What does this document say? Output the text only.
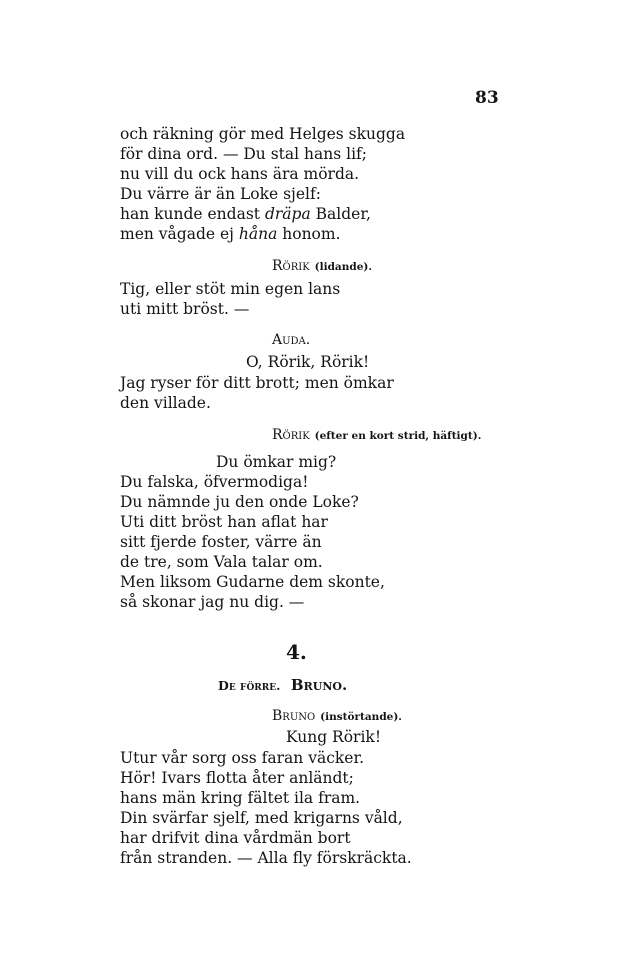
83
och räkning gör med Helges skugga
för dina ord. — Du stal hans lif;
nu vill du ock hans ära mörda.
Du värre är än Loke sjelf:
han kunde endast dräpa Balder,
men vågade ej håna honom.
Rörik (lidande).
Tig, eller stöt min egen lans
uti mitt bröst. —
Auda.
O, Rörik, Rörik!
Jag ryser för ditt brott; men ömkar
den villade.
Rörik (efter en kort strid, häftigt).
Du ömkar mig?
Du falska, öfvermodiga!
Du nämnde ju den onde Loke?
Uti ditt bröst han aflat har
sitt fjerde foster, värre än
de tre, som Vala talar om.
Men liksom Gudarne dem skonte,
så skonar jag nu dig. —
4.
De förre. Bruno.
Bruno (instörtande).
Kung Rörik!
Utur vår sorg oss faran väcker.
Hör! Ivars flotta åter anländt;
hans män kring fältet ila fram.
Din svärfar sjelf, med krigarns våld,
har drifvit dina vårdmän bort
från stranden. — Alla fly förskräckta.
